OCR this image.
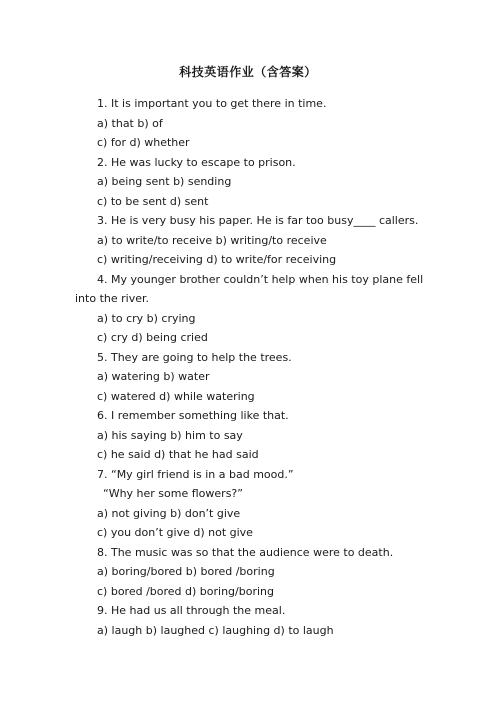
科技英语作业（含答案）
1. It is important you to get there in time.
a) that b) of
c) for d) whether
2. He was lucky to escape to prison.
a) being sent b) sending
c) to be sent d) sent
3. He is very busy his paper. He is far too busy____ callers.
a) to write/to receive b) writing/to receive
c) writing/receiving d) to write/for receiving
4. My younger brother couldn’t help when his toy plane fell into the river.
a) to cry b) crying
c) cry d) being cried
5. They are going to help the trees.
a) watering b) water
c) watered d) while watering
6. I remember something like that.
a) his saying b) him to say
c) he said d) that he had said
7. “My girl friend is in a bad mood.”
“Why her some flowers?”
a) not giving b) don’t give
c) you don’t give d) not give
8. The music was so that the audience were to death.
a) boring/bored b) bored /boring
c) bored /bored d) boring/boring
9. He had us all through the meal.
a) laugh b) laughed c) laughing d) to laugh
